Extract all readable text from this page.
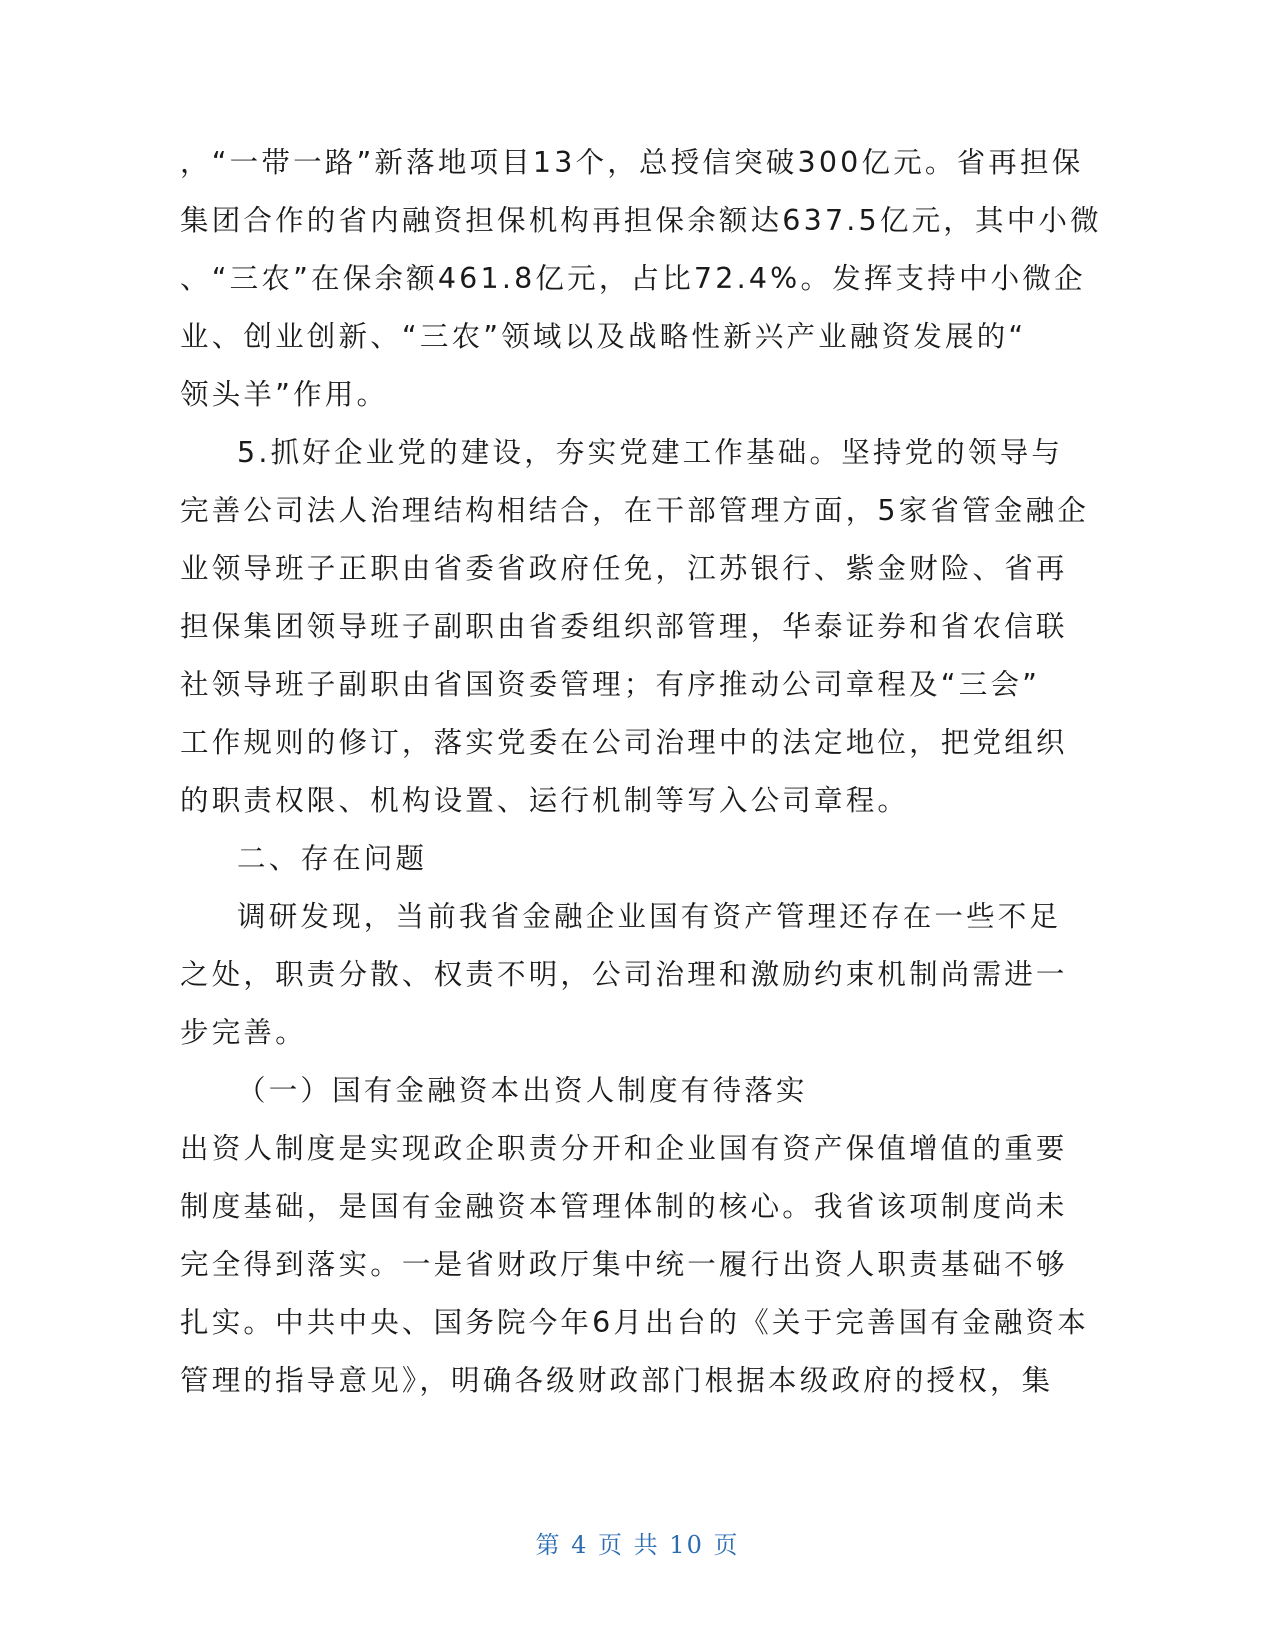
，“一带一路”新落地项目13个，总授信突破300亿元。省再担保
集团合作的省内融资担保机构再担保余额达637.5亿元，其中小微
、“三农”在保余额461.8亿元，占比72.4%。发挥支持中小微企
业、创业创新、“三农”领域以及战略性新兴产业融资发展的“
领头羊”作用。
5.抓好企业党的建设，夯实党建工作基础。坚持党的领导与
完善公司法人治理结构相结合，在干部管理方面，5家省管金融企
业领导班子正职由省委省政府任免，江苏银行、紫金财险、省再
担保集团领导班子副职由省委组织部管理，华泰证券和省农信联
社领导班子副职由省国资委管理；有序推动公司章程及“三会”
工作规则的修订，落实党委在公司治理中的法定地位，把党组织
的职责权限、机构设置、运行机制等写入公司章程。
二、存在问题
调研发现，当前我省金融企业国有资产管理还存在一些不足
之处，职责分散、权责不明，公司治理和激励约束机制尚需进一
步完善。
（一）国有金融资本出资人制度有待落实
出资人制度是实现政企职责分开和企业国有资产保值增值的重要
制度基础，是国有金融资本管理体制的核心。我省该项制度尚未
完全得到落实。一是省财政厅集中统一履行出资人职责基础不够
扎实。中共中央、国务院今年6月出台的《关于完善国有金融资本
管理的指导意见》，明确各级财政部门根据本级政府的授权，集
第 4 页 共 10 页
